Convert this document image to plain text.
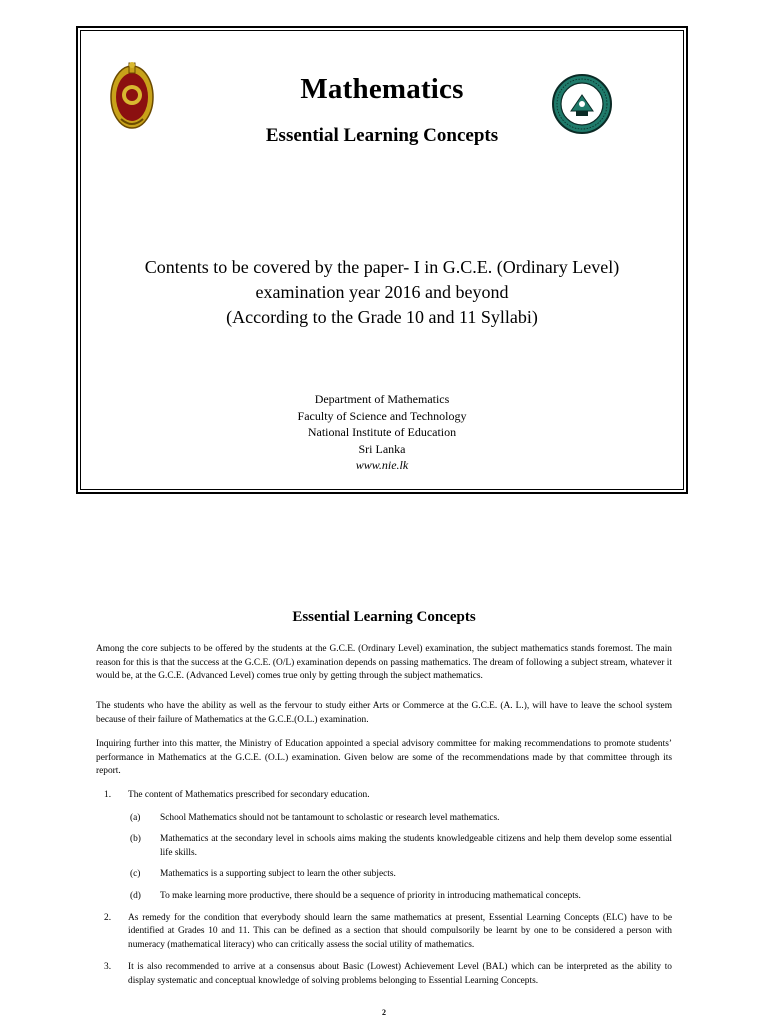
Mathematics
Essential Learning Concepts
Contents to be covered by the paper- I in G.C.E. (Ordinary Level)
examination year 2016 and beyond
(According to the Grade 10 and 11 Syllabi)
Department of Mathematics
Faculty of Science and Technology
National Institute of Education
Sri Lanka
www.nie.lk
Essential Learning Concepts
Among the core subjects to be offered by the students at the G.C.E. (Ordinary Level) examination, the subject mathematics stands foremost. The main reason for this is that the success at the G.C.E. (O/L) examination depends on passing mathematics. The dream of following a subject stream, whatever it would be, at the G.C.E. (Advanced Level) comes true only by getting through the subject mathematics.
The students who have the ability as well as the fervour to study either Arts or Commerce at the G.C.E. (A. L.), will have to leave the school system because of their failure of Mathematics at the G.C.E.(O.L.) examination.
Inquiring further into this matter, the Ministry of Education appointed a special advisory committee for making recommendations to promote students’ performance in Mathematics at the G.C.E. (O.L.) examination. Given below are some of the recommendations made by that committee through its report.
1. The content of Mathematics prescribed for secondary education.
(a) School Mathematics should not be tantamount to scholastic or research level mathematics.
(b) Mathematics at the secondary level in schools aims making the students knowledgeable citizens and help them develop some essential life skills.
(c) Mathematics is a supporting subject to learn the other subjects.
(d) To make learning more productive, there should be a sequence of priority in introducing mathematical concepts.
2. As remedy for the condition that everybody should learn the same mathematics at present, Essential Learning Concepts (ELC) have to be identified at Grades 10 and 11. This can be defined as a section that should compulsorily be learnt by one to be considered a person with numeracy (mathematical literacy) who can critically assess the social utility of mathematics.
3. It is also recommended to arrive at a consensus about Basic (Lowest) Achievement Level (BAL) which can be interpreted as the ability to display systematic and conceptual knowledge of solving problems belonging to Essential Learning Concepts.
2
